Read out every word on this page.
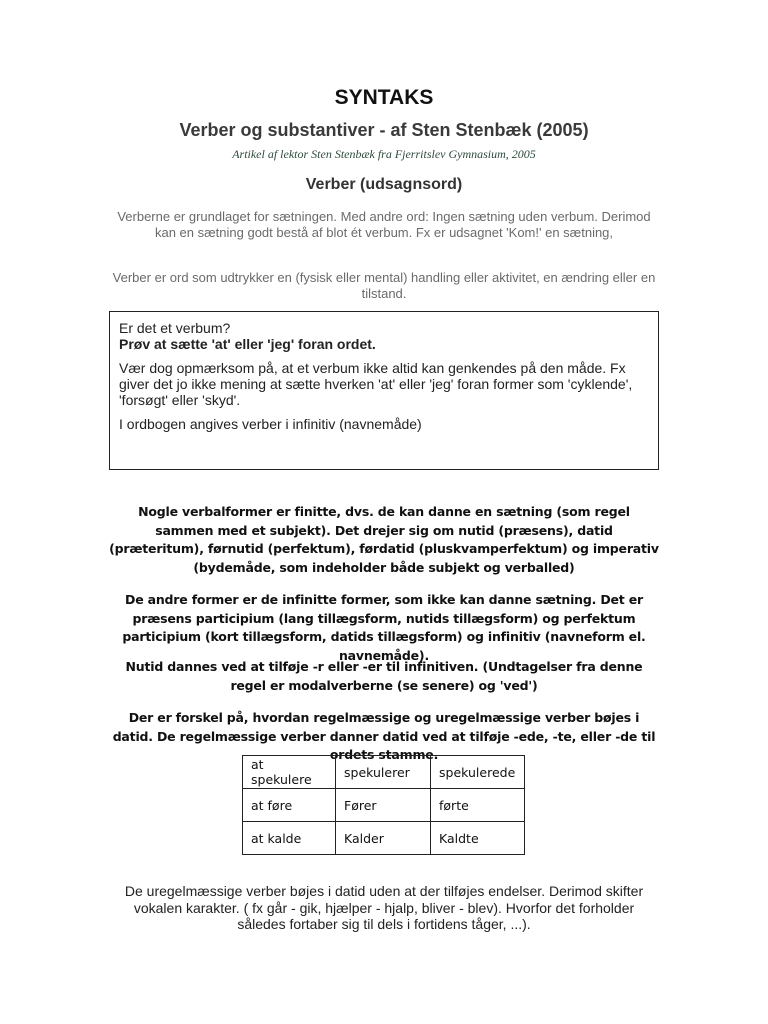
SYNTAKS
Verber og substantiver - af Sten Stenbæk (2005)
Artikel af lektor Sten Stenbæk fra Fjerritslev Gymnasium, 2005
Verber (udsagnsord)

Verberne er grundlaget for sætningen. Med andre ord: Ingen sætning uden verbum. Derimod kan en sætning godt bestå af blot ét verbum. Fx er udsagnet 'Kom!' en sætning,

Verber er ord som udtrykker en (fysisk eller mental) handling eller aktivitet, en ændring eller en tilstand.

Er det et verbum?

Prøv at sætte 'at' eller 'jeg' foran ordet.

Vær dog opmærksom på, at et verbum ikke altid kan genkendes på den måde. Fx giver det jo ikke mening at sætte hverken 'at' eller 'jeg' foran former som 'cyklende', 'forsøgt' eller 'skyd'.

I ordbogen angives verber i infinitiv (navnemåde)

Nogle verbalformer er finitte, dvs. de kan danne en sætning (som regel sammen med et subjekt). Det drejer sig om nutid (præsens), datid (præteritum), førnutid (perfektum), førdatid (pluskvamperfektum) og imperativ (bydemåde, som indeholder både subjekt og verballed)

De andre former er de infinitte former, som ikke kan danne sætning. Det er præsens participium (lang tillægsform, nutids tillægsform) og perfektum participium (kort tillægsform, datids tillægsform) og infinitiv (navneform el. navnemåde).

Nutid dannes ved at tilføje -r eller -er til infinitiven. (Undtagelser fra denne regel er modalverberne (se senere) og 'ved')

Der er forskel på, hvordan regelmæssige og uregelmæssige verber bøjes i datid. De regelmæssige verber danner datid ved at tilføje -ede, -te, eller -de til ordets stamme.

at spekulere	spekulerer	spekulerede
at føre	Fører	førte
at kalde	Kalder	Kaldte

De uregelmæssige verber bøjes i datid uden at der tilføjes endelser. Derimod skifter vokalen karakter. ( fx går - gik, hjælper - hjalp, bliver - blev). Hvorfor det forholder således fortaber sig til dels i fortidens tåger, ...).
